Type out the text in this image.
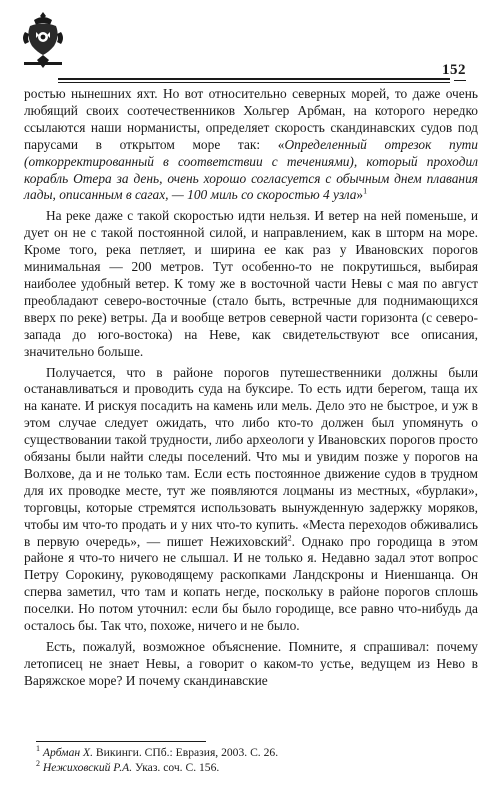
152

ростью нынешних яхт. Но вот относительно северных морей, то даже очень любящий своих соотечественников Хольгер Арбман, на которого нередко ссылаются наши норманисты, определяет скорость скандинавских судов под парусами в открытом море так: «Определенный отрезок пути (откорректированный в соответствии с течениями), который проходил корабль Отера за день, очень хорошо согласуется с обычным днем плавания лады, описанным в сагах, — 100 миль со скоростью 4 узла»$^1$

На реке даже с такой скоростью идти нельзя. И ветер на ней поменьше, и дует он не с такой постоянной силой, и направлением, как в шторм на море. Кроме того, река петляет, и ширина ее как раз у Ивановских порогов минимальная — 200 метров. Тут особенно-то не покрутишься, выбирая наиболее удобный ветер. К тому же в восточной части Невы с мая по август преобладают северо-восточные (стало быть, встречные для поднимающихся вверх по реке) ветры. Да и вообще ветров северной части горизонта (с северо-запада до юго-востока) на Неве, как свидетельствуют все описания, значительно больше.

Получается, что в районе порогов путешественники должны были останавливаться и проводить суда на буксире. То есть идти берегом, таща их на канате. И рискуя посадить на камень или мель. Дело это не быстрое, и уж в этом случае следует ожидать, что либо кто-то должен был упомянуть о существовании такой трудности, либо археологи у Ивановских порогов просто обязаны были найти следы поселений. Что мы и увидим позже у порогов на Волхове, да и не только там. Если есть постоянное движение судов в трудном для их проводке месте, тут же появляются лоцманы из местных, «бурлаки», торговцы, которые стремятся использовать вынужденную задержку моряков, чтобы им что-то продать и у них что-то купить. «Места переходов обживались в первую очередь», — пишет Нежиховский$^2$. Однако про городища в этом районе я что-то ничего не слышал. И не только я. Недавно задал этот вопрос Петру Сорокину, руководящему раскопками Ландскроны и Ниеншанца. Он сперва заметил, что там и копать негде, поскольку в районе порогов сплошь поселки. Но потом уточнил: если бы было городище, все равно что-нибудь да осталось бы. Так что, похоже, ничего и не было.

Есть, пожалуй, возможное объяснение. Помните, я спрашивал: почему летописец не знает Невы, а говорит о каком-то устье, ведущем из Нево в Варяжское море? И почему скандинавские

$^1$ Арбман Х. Викинги. СПб.: Евразия, 2003. С. 26.
$^2$ Нежиховский Р.А. Указ. соч. С. 156.
